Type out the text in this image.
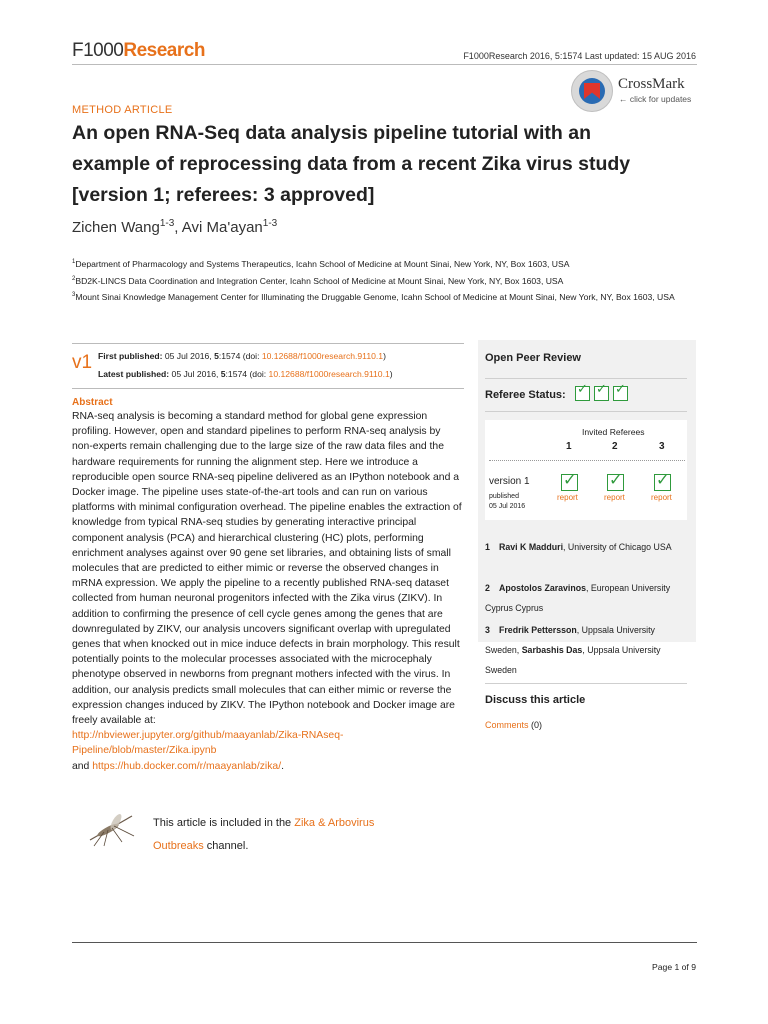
F1000Research	F1000Research 2016, 5:1574 Last updated: 15 AUG 2016
CrossMark
← click for updates
METHOD ARTICLE
An open RNA-Seq data analysis pipeline tutorial with an example of reprocessing data from a recent Zika virus study [version 1; referees: 3 approved]
Zichen Wang$^{1-3}$, Avi Ma'ayan$^{1-3}$
$^1$Department of Pharmacology and Systems Therapeutics, Icahn School of Medicine at Mount Sinai, New York, NY, Box 1603, USA
$^2$BD2K-LINCS Data Coordination and Integration Center, Icahn School of Medicine at Mount Sinai, New York, NY, Box 1603, USA
$^3$Mount Sinai Knowledge Management Center for Illuminating the Druggable Genome, Icahn School of Medicine at Mount Sinai, New York, NY, Box 1603, USA
v1 First published: 05 Jul 2016, 5:1574 (doi: 10.12688/f1000research.9110.1)
Latest published: 05 Jul 2016, 5:1574 (doi: 10.12688/f1000research.9110.1)
Abstract
RNA-seq analysis is becoming a standard method for global gene expression profiling. However, open and standard pipelines to perform RNA-seq analysis by non-experts remain challenging due to the large size of the raw data files and the hardware requirements for running the alignment step. Here we introduce a reproducible open source RNA-seq pipeline delivered as an IPython notebook and a Docker image. The pipeline uses state-of-the-art tools and can run on various platforms with minimal configuration overhead. The pipeline enables the extraction of knowledge from typical RNA-seq studies by generating interactive principal component analysis (PCA) and hierarchical clustering (HC) plots, performing enrichment analyses against over 90 gene set libraries, and obtaining lists of small molecules that are predicted to either mimic or reverse the observed changes in mRNA expression. We apply the pipeline to a recently published RNA-seq dataset collected from human neuronal progenitors infected with the Zika virus (ZIKV). In addition to confirming the presence of cell cycle genes among the genes that are downregulated by ZIKV, our analysis uncovers significant overlap with upregulated genes that when knocked out in mice induce defects in brain morphology. This result potentially points to the molecular processes associated with the microcephaly phenotype observed in newborns from pregnant mothers infected with the virus. In addition, our analysis predicts small molecules that can either mimic or reverse the expression changes induced by ZIKV. The IPython notebook and Docker image are freely available at:
http://nbviewer.jupyter.org/github/maayanlab/Zika-RNAseq-Pipeline/blob/master/Zika.ipynb
and https://hub.docker.com/r/maayanlab/zika/.
Open Peer Review
Referee Status:
✓
✓
✓
Invited Referees
1	2	3
version 1
published
05 Jul 2016
✓
✓
✓
report	report	report
1 Ravi K Madduri, University of Chicago USA
2 Apostolos Zaravinos, European University Cyprus Cyprus
3 Fredrik Pettersson, Uppsala University Sweden, Sarbashis Das, Uppsala University Sweden
Discuss this article
Comments (0)
This article is included in the Zika & Arbovirus
Outbreaks channel.
Page 1 of 9
